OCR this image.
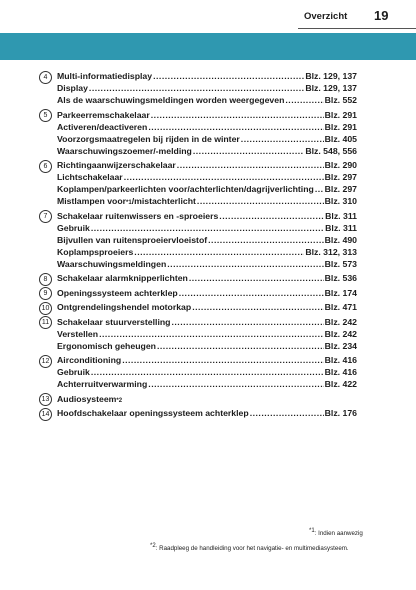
Overzicht 19
4	Multi-informatiedisplay .....	Blz. 129, 137
Display .....	Blz. 129, 137
Als de waarschuwingsmeldingen worden weergegeven .....	Blz. 552
5	Parkeerremschakelaar .....	Blz. 291
Activeren/deactiveren .....	Blz. 291
Voorzorgsmaatregelen bij rijden in de winter .....	Blz. 405
Waarschuwingszoemer/-melding .....	Blz. 548, 556
6	Richtingaanwijzerschakelaar .....	Blz. 290
Lichtschakelaar .....	Blz. 297
Koplampen/parkeerlichten voor/achterlichten/dagrijverlichting ..... Blz. 297
Mistlampen voor *1 /mistachterlicht .....	Blz. 310
7	Schakelaar ruitenwissers en -sproeiers .....	Blz. 311
Gebruik .....	Blz. 311
Bijvullen van ruitensproeiervloeistof .....	Blz. 490
Koplampsproeiers .....	Blz. 312, 313
Waarschuwingsmeldingen .....	Blz. 573
8	Schakelaar alarmknipperlichten .....	Blz. 536
9	Openingssysteem achterklep .....	Blz. 174
10 Ontgrendelingshendel motorkap .....	Blz. 471
11 Schakelaar stuurverstelling .....	Blz. 242
Verstellen .....	Blz. 242
Ergonomisch geheugen .....	Blz. 234
12 Airconditioning .....	Blz. 416
Gebruik .....	Blz. 416
Achterruitverwarming .....	Blz. 422
13 Audiosysteem *2
14 Hoofdschakelaar openingssysteem achterklep .....	Blz. 176
$^{*1}$: Indien aanwezig
$^{*2}$: Raadpleeg de handleiding voor het navigatie- en multimediasysteem.
